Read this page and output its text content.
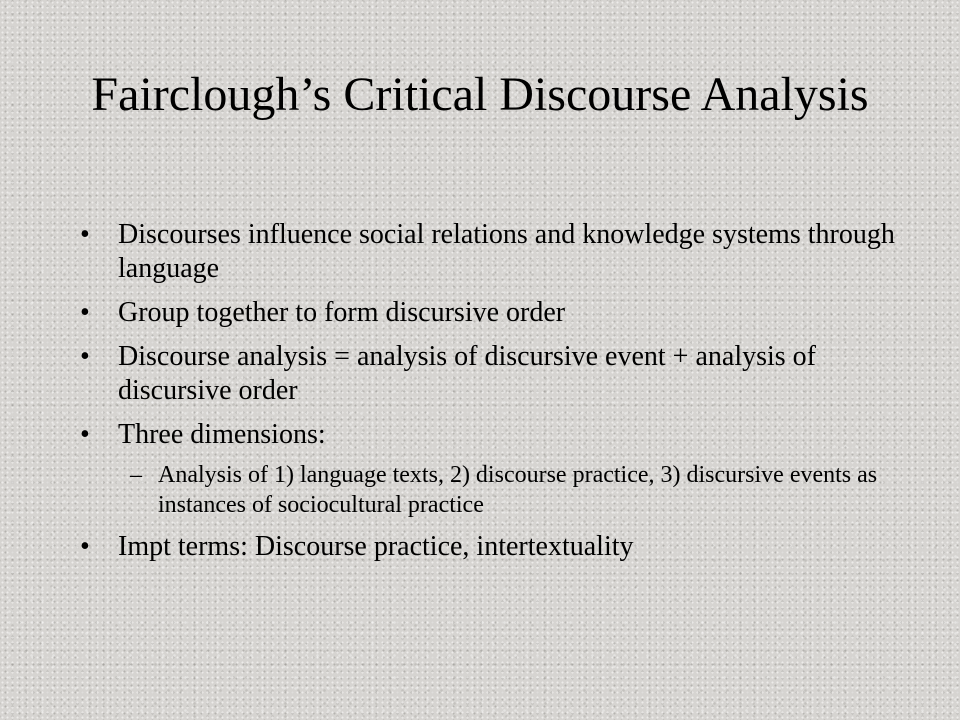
Fairclough’s Critical Discourse Analysis
•	Discourses influence social relations and knowledge systems through language
•	Group together to form discursive order
•	Discourse analysis = analysis of discursive event + analysis of discursive order
•	Three dimensions:
– Analysis of 1) language texts, 2) discourse practice, 3) discursive events as instances of sociocultural practice
•	Impt terms: Discourse practice, intertextuality
